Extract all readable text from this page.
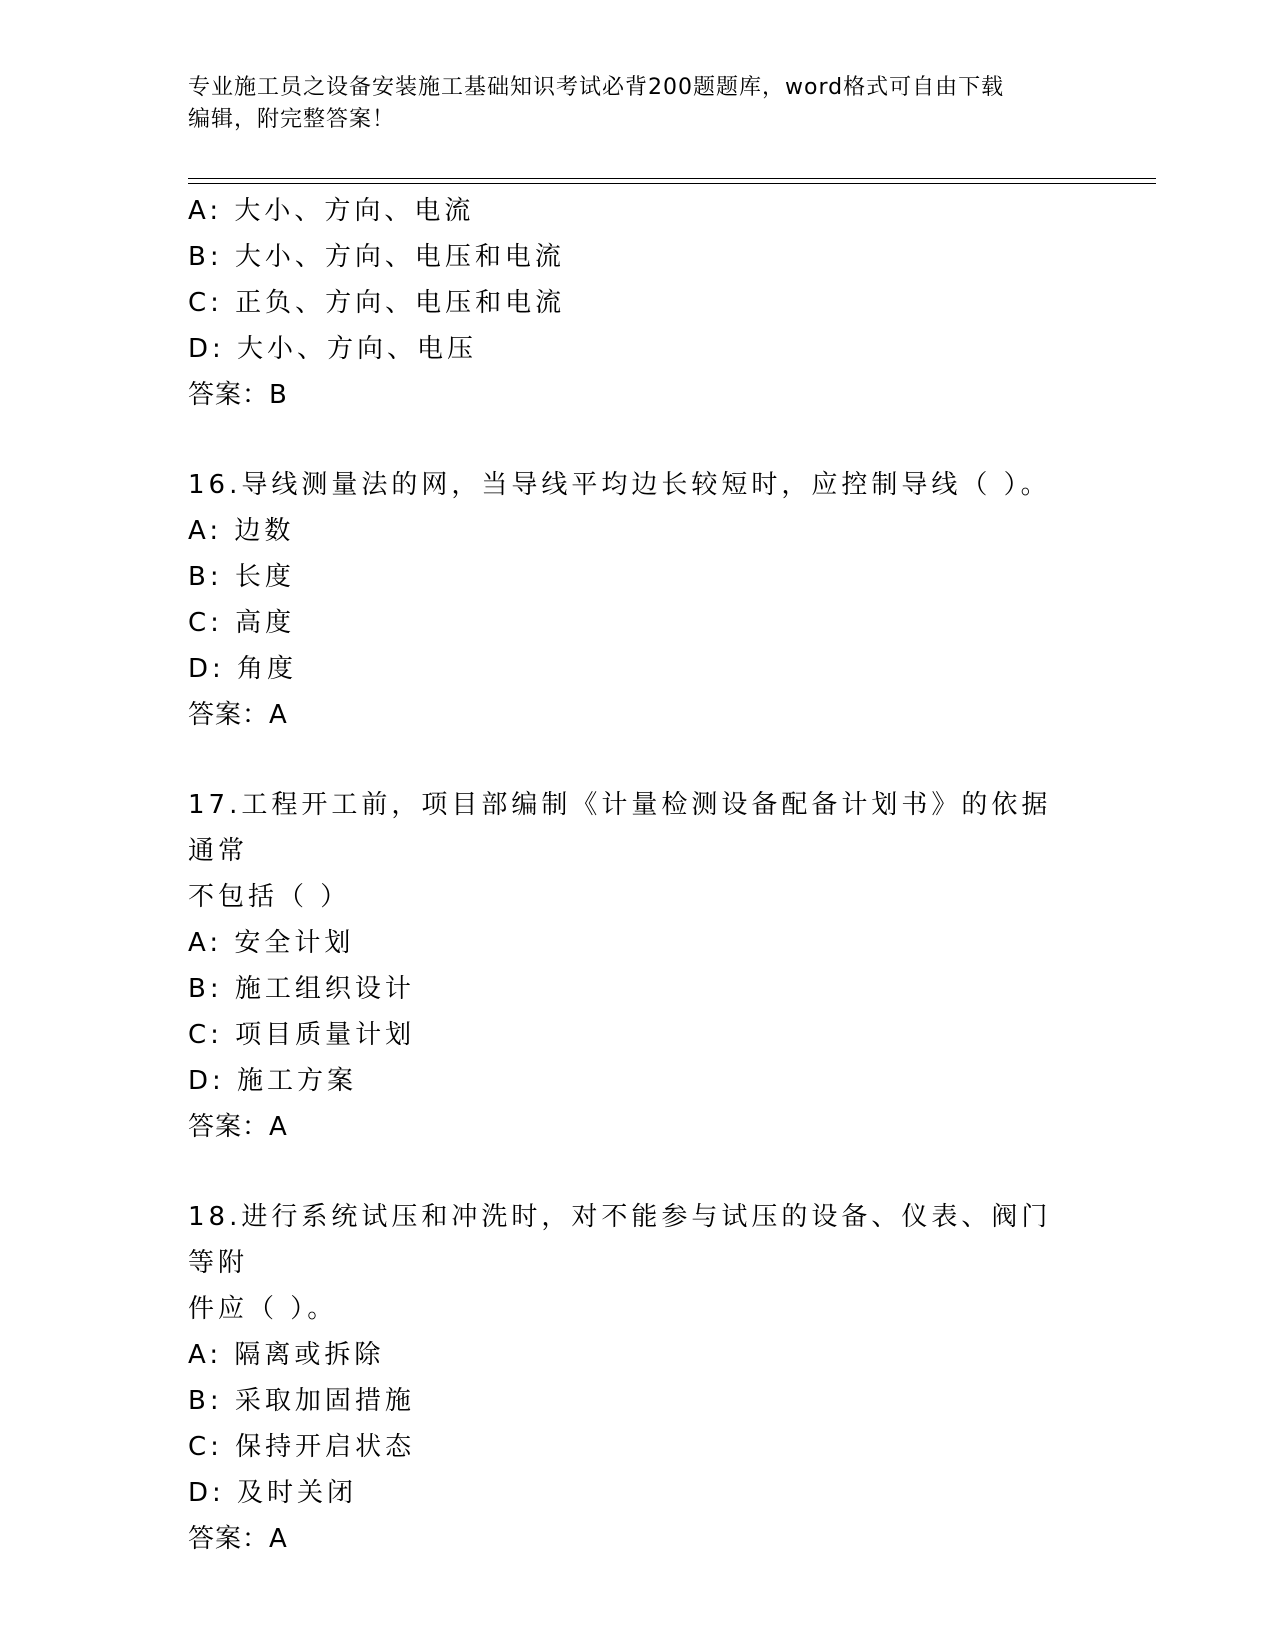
专业施工员之设备安装施工基础知识考试必背200题题库，word格式可自由下载
编辑，附完整答案！
A: 大小、方向、电流
B: 大小、方向、电压和电流
C: 正负、方向、电压和电流
D: 大小、方向、电压
答案：B
16.导线测量法的网，当导线平均边长较短时，应控制导线（ ）。
A: 边数
B: 长度
C: 高度
D: 角度
答案：A
17.工程开工前，项目部编制《计量检测设备配备计划书》的依据通常
不包括（ ）
A: 安全计划
B: 施工组织设计
C: 项目质量计划
D: 施工方案
答案：A
18.进行系统试压和冲洗时，对不能参与试压的设备、仪表、阀门等附
件应（ ）。
A: 隔离或拆除
B: 采取加固措施
C: 保持开启状态
D: 及时关闭
答案：A
